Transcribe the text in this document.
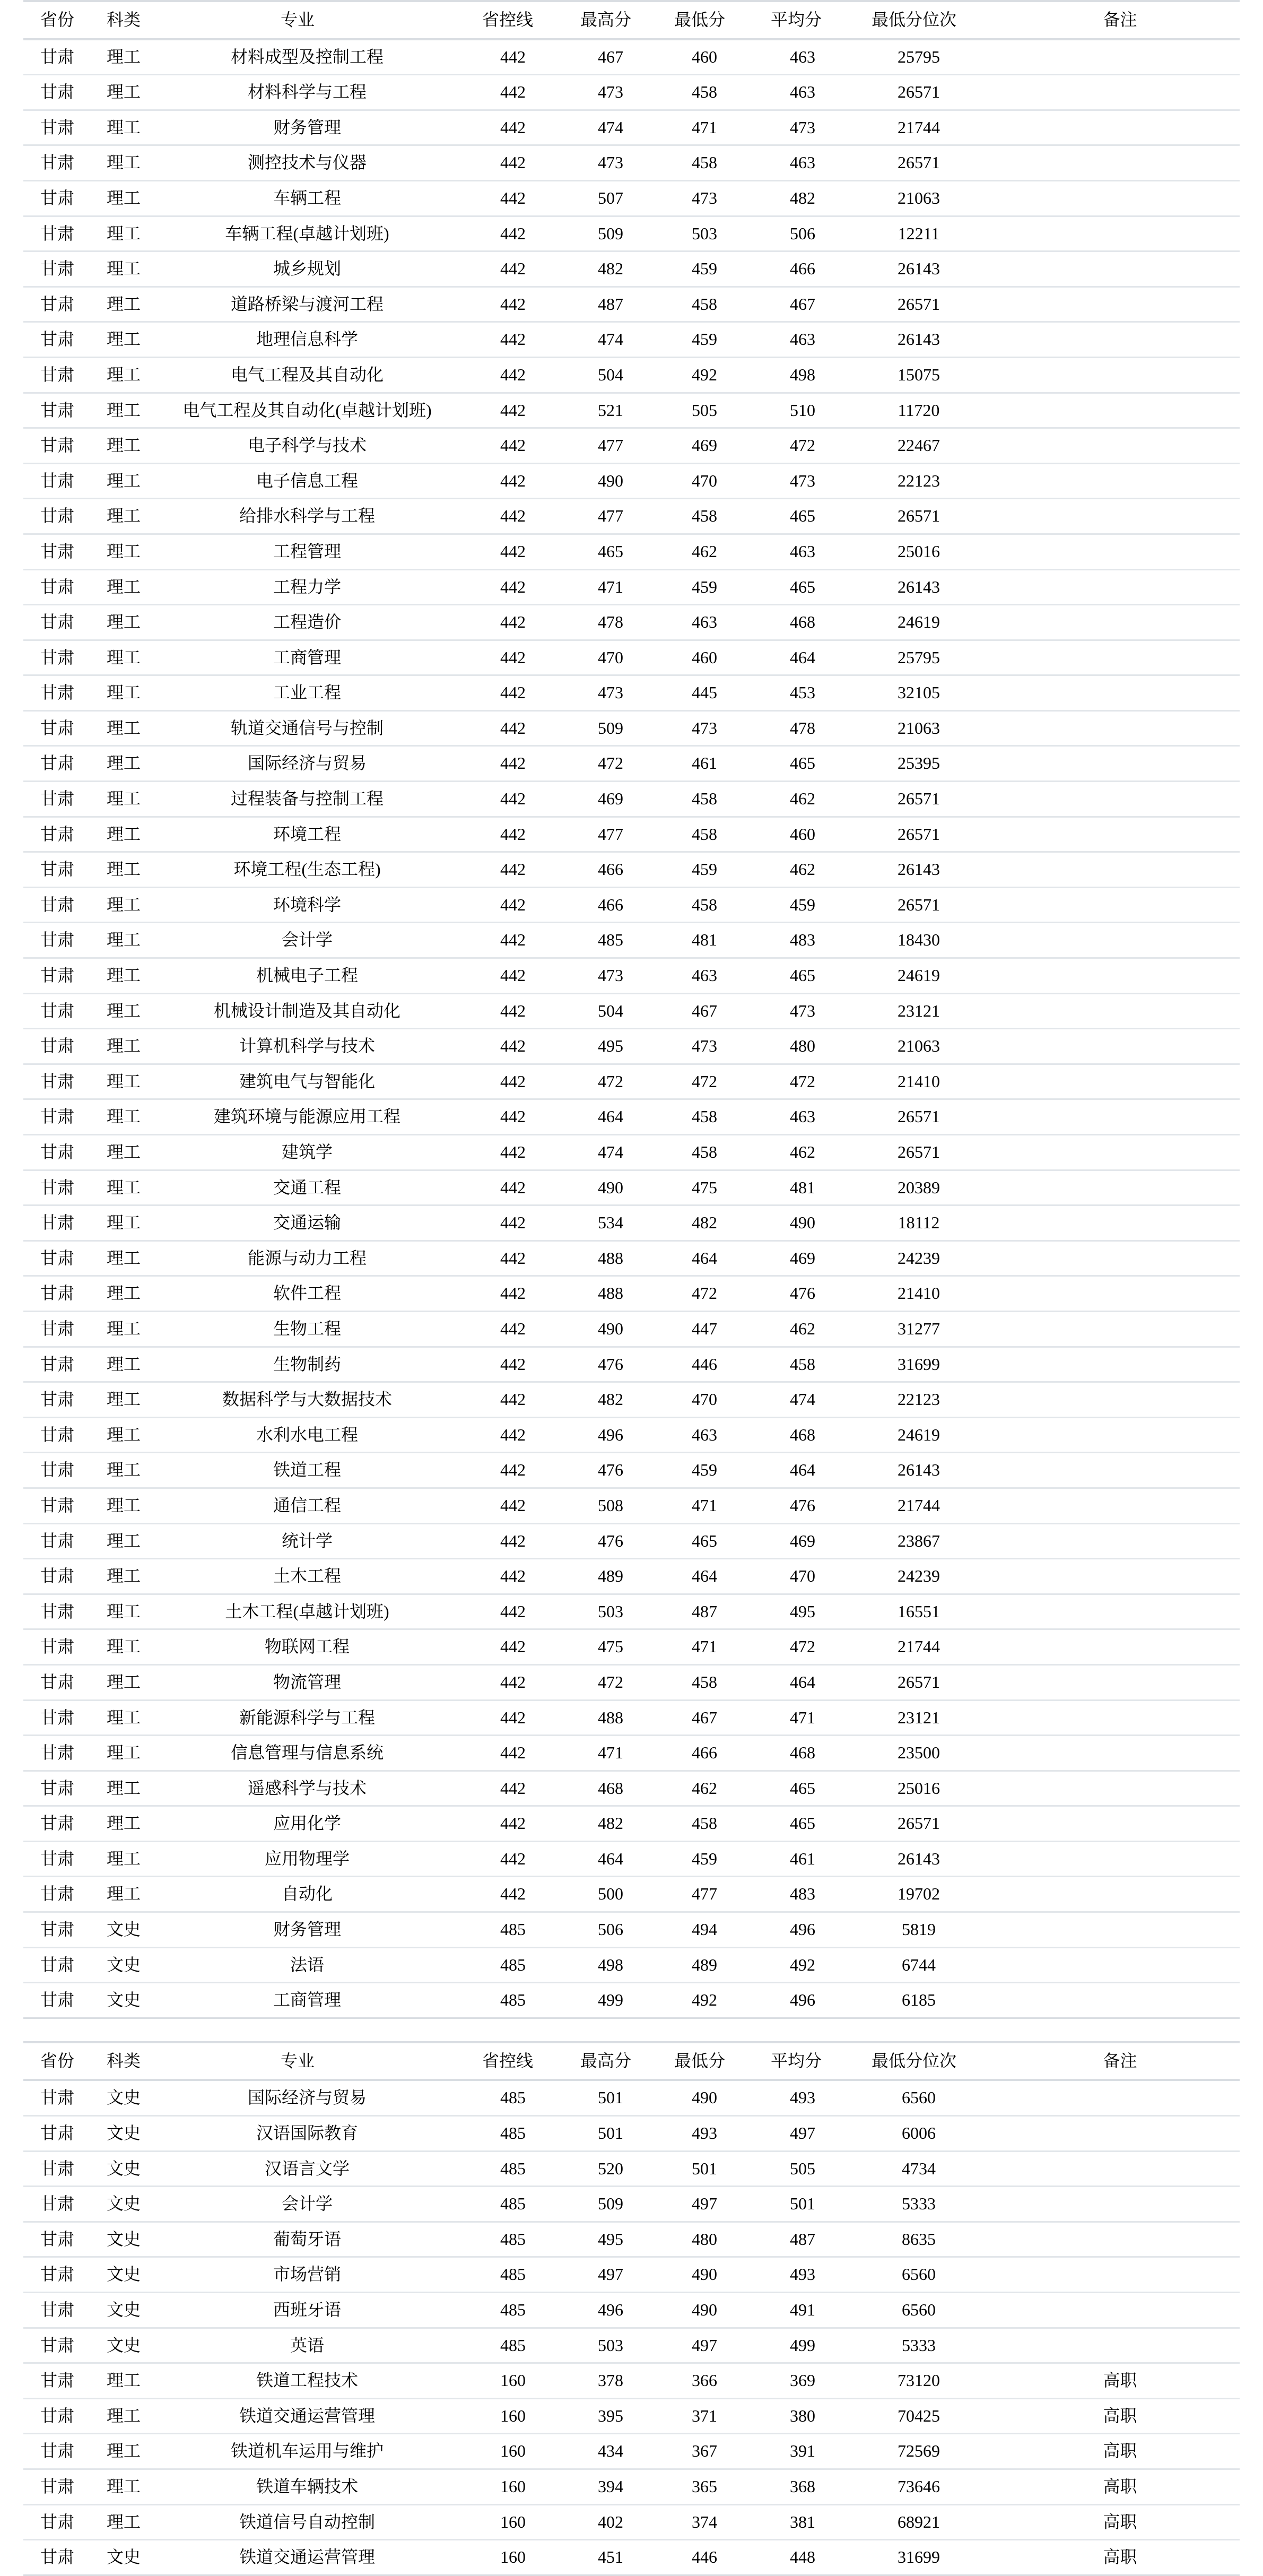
省份	科类	专业	省控线	最高分	最低分	平均分	最低分位次	备注
甘肃	理工	材料成型及控制工程	442	467	460	463	25795	
甘肃	理工	材料科学与工程	442	473	458	463	26571	
甘肃	理工	财务管理	442	474	471	473	21744	
甘肃	理工	测控技术与仪器	442	473	458	463	26571	
甘肃	理工	车辆工程	442	507	473	482	21063	
甘肃	理工	车辆工程(卓越计划班)	442	509	503	506	12211	
甘肃	理工	城乡规划	442	482	459	466	26143	
甘肃	理工	道路桥梁与渡河工程	442	487	458	467	26571	
甘肃	理工	地理信息科学	442	474	459	463	26143	
甘肃	理工	电气工程及其自动化	442	504	492	498	15075	
甘肃	理工	电气工程及其自动化(卓越计划班)	442	521	505	510	11720	
甘肃	理工	电子科学与技术	442	477	469	472	22467	
甘肃	理工	电子信息工程	442	490	470	473	22123	
甘肃	理工	给排水科学与工程	442	477	458	465	26571	
甘肃	理工	工程管理	442	465	462	463	25016	
甘肃	理工	工程力学	442	471	459	465	26143	
甘肃	理工	工程造价	442	478	463	468	24619	
甘肃	理工	工商管理	442	470	460	464	25795	
甘肃	理工	工业工程	442	473	445	453	32105	
甘肃	理工	轨道交通信号与控制	442	509	473	478	21063	
甘肃	理工	国际经济与贸易	442	472	461	465	25395	
甘肃	理工	过程装备与控制工程	442	469	458	462	26571	
甘肃	理工	环境工程	442	477	458	460	26571	
甘肃	理工	环境工程(生态工程)	442	466	459	462	26143	
甘肃	理工	环境科学	442	466	458	459	26571	
甘肃	理工	会计学	442	485	481	483	18430	
甘肃	理工	机械电子工程	442	473	463	465	24619	
甘肃	理工	机械设计制造及其自动化	442	504	467	473	23121	
甘肃	理工	计算机科学与技术	442	495	473	480	21063	
甘肃	理工	建筑电气与智能化	442	472	472	472	21410	
甘肃	理工	建筑环境与能源应用工程	442	464	458	463	26571	
甘肃	理工	建筑学	442	474	458	462	26571	
甘肃	理工	交通工程	442	490	475	481	20389	
甘肃	理工	交通运输	442	534	482	490	18112	
甘肃	理工	能源与动力工程	442	488	464	469	24239	
甘肃	理工	软件工程	442	488	472	476	21410	
甘肃	理工	生物工程	442	490	447	462	31277	
甘肃	理工	生物制药	442	476	446	458	31699	
甘肃	理工	数据科学与大数据技术	442	482	470	474	22123	
甘肃	理工	水利水电工程	442	496	463	468	24619	
甘肃	理工	铁道工程	442	476	459	464	26143	
甘肃	理工	通信工程	442	508	471	476	21744	
甘肃	理工	统计学	442	476	465	469	23867	
甘肃	理工	土木工程	442	489	464	470	24239	
甘肃	理工	土木工程(卓越计划班)	442	503	487	495	16551	
甘肃	理工	物联网工程	442	475	471	472	21744	
甘肃	理工	物流管理	442	472	458	464	26571	
甘肃	理工	新能源科学与工程	442	488	467	471	23121	
甘肃	理工	信息管理与信息系统	442	471	466	468	23500	
甘肃	理工	遥感科学与技术	442	468	462	465	25016	
甘肃	理工	应用化学	442	482	458	465	26571	
甘肃	理工	应用物理学	442	464	459	461	26143	
甘肃	理工	自动化	442	500	477	483	19702	
甘肃	文史	财务管理	485	506	494	496	5819	
甘肃	文史	法语	485	498	489	492	6744	
甘肃	文史	工商管理	485	499	492	496	6185	
省份	科类	专业	省控线	最高分	最低分	平均分	最低分位次	备注
甘肃	文史	国际经济与贸易	485	501	490	493	6560	
甘肃	文史	汉语国际教育	485	501	493	497	6006	
甘肃	文史	汉语言文学	485	520	501	505	4734	
甘肃	文史	会计学	485	509	497	501	5333	
甘肃	文史	葡萄牙语	485	495	480	487	8635	
甘肃	文史	市场营销	485	497	490	493	6560	
甘肃	文史	西班牙语	485	496	490	491	6560	
甘肃	文史	英语	485	503	497	499	5333	
甘肃	理工	铁道工程技术	160	378	366	369	73120	高职
甘肃	理工	铁道交通运营管理	160	395	371	380	70425	高职
甘肃	理工	铁道机车运用与维护	160	434	367	391	72569	高职
甘肃	理工	铁道车辆技术	160	394	365	368	73646	高职
甘肃	理工	铁道信号自动控制	160	402	374	381	68921	高职
甘肃	文史	铁道交通运营管理	160	451	446	448	31699	高职
